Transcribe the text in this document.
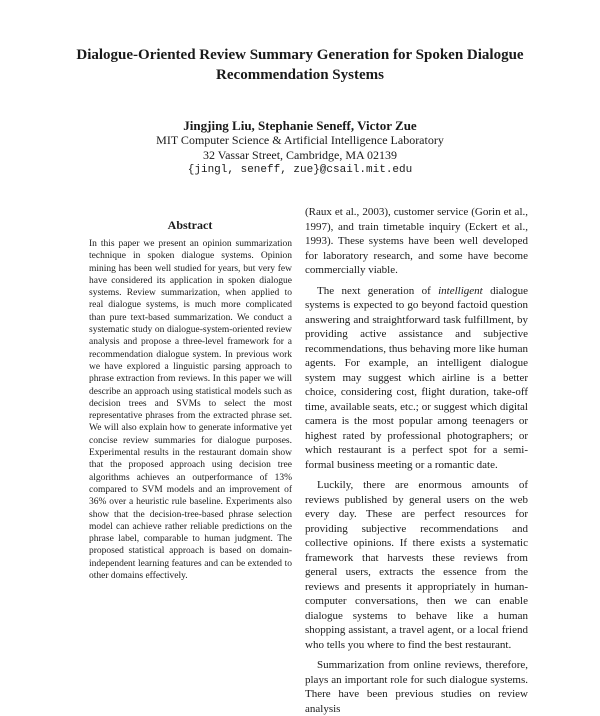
Dialogue-Oriented Review Summary Generation for Spoken Dialogue
Recommendation Systems
Jingjing Liu, Stephanie Seneff, Victor Zue
MIT Computer Science & Artificial Intelligence Laboratory
32 Vassar Street, Cambridge, MA 02139
{jingl, seneff, zue}@csail.mit.edu
Abstract

In this paper we present an opinion summarization technique in spoken dialogue systems. Opinion mining has been well studied for years, but very few have considered its application in spoken dialogue systems. Review summarization, when applied to real dialogue systems, is much more complicated than pure text-based summarization. We conduct a systematic study on dialogue-system-oriented review analysis and propose a three-level framework for a recommendation dialogue system. In previous work we have explored a linguistic parsing approach to phrase extraction from reviews. In this paper we will describe an approach using statistical models such as decision trees and SVMs to select the most representative phrases from the extracted phrase set. We will also explain how to generate informative yet concise review summaries for dialogue purposes. Experimental results in the restaurant domain show that the proposed approach using decision tree algorithms achieves an outperformance of 13% compared to SVM models and an improvement of 36% over a heuristic rule baseline. Experiments also show that the decision-tree-based phrase selection model can achieve rather reliable predictions on the phrase label, comparable to human judgment. The proposed statistical approach is based on domain-independent learning features and can be extended to other domains effectively.

(Raux et al., 2003), customer service (Gorin et al., 1997), and train timetable inquiry (Eckert et al., 1993). These systems have been well developed for laboratory research, and some have become commercially viable.

The next generation of intelligent dialogue systems is expected to go beyond factoid question answering and straightforward task fulfillment, by providing active assistance and subjective recommendations, thus behaving more like human agents. For example, an intelligent dialogue system may suggest which airline is a better choice, considering cost, flight duration, take-off time, available seats, etc.; or suggest which digital camera is the most popular among teenagers or highest rated by professional photographers; or which restaurant is a perfect spot for a semi-formal business meeting or a romantic date.

Luckily, there are enormous amounts of reviews published by general users on the web every day. These are perfect resources for providing subjective recommendations and collective opinions. If there exists a systematic framework that harvests these reviews from general users, extracts the essence from the reviews and presents it appropriately in human-computer conversations, then we can enable dialogue systems to behave like a human shopping assistant, a travel agent, or a local friend who tells you where to find the best restaurant.

Summarization from online reviews, therefore, plays an important role for such dialogue systems. There have been previous studies on review analysis
